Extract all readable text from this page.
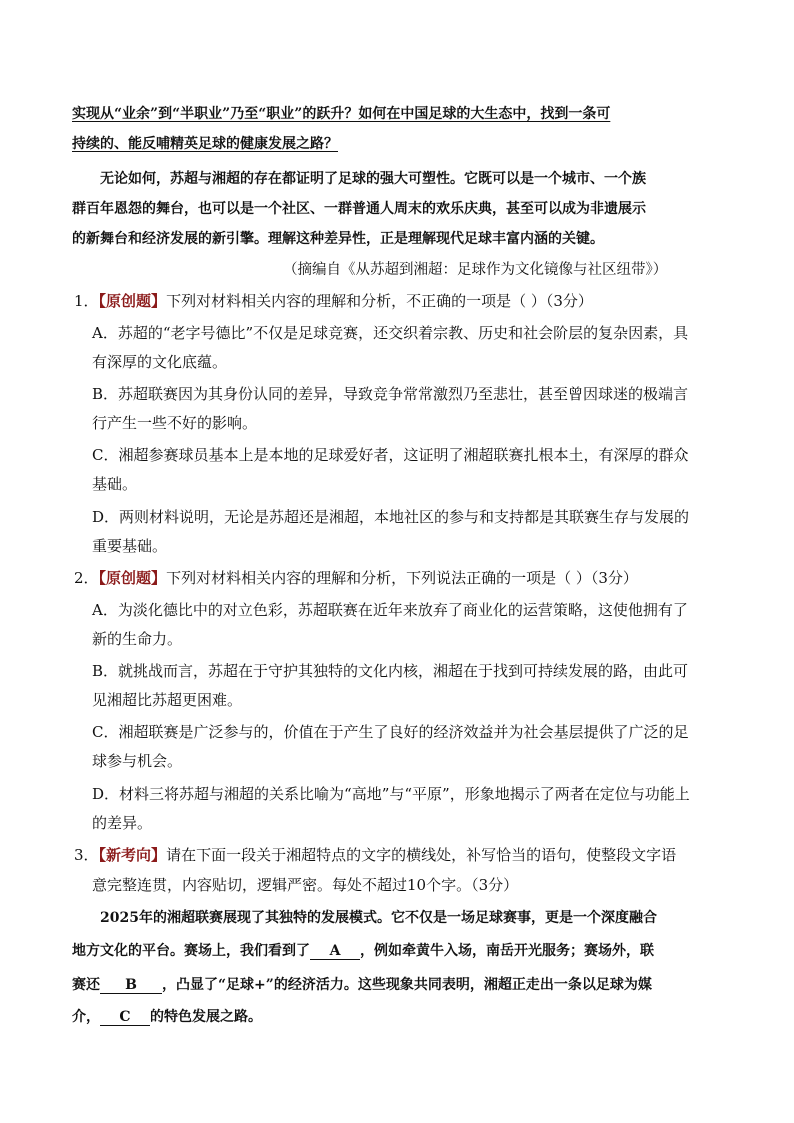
实现从“业余”到“半职业”乃至“职业”的跃升？如何在中国足球的大生态中，找到一条可
持续的、能反哺精英足球的健康发展之路？
无论如何，苏超与湘超的存在都证明了足球的强大可塑性。它既可以是一个城市、一个族
群百年恩怨的舞台，也可以是一个社区、一群普通人周末的欢乐庆典，甚至可以成为非遗展示
的新舞台和经济发展的新引擎。理解这种差异性，正是理解现代足球丰富内涵的关键。
（摘编自《从苏超到湘超：足球作为文化镜像与社区纽带》）
1．【原创题】下列对材料相关内容的理解和分析，不正确的一项是（ ）（3分）
A．苏超的“老字号德比”不仅是足球竞赛，还交织着宗教、历史和社会阶层的复杂因素，具
有深厚的文化底蕴。
B．苏超联赛因为其身份认同的差异，导致竞争常常激烈乃至悲壮，甚至曾因球迷的极端言
行产生一些不好的影响。
C．湘超参赛球员基本上是本地的足球爱好者，这证明了湘超联赛扎根本土，有深厚的群众
基础。
D．两则材料说明，无论是苏超还是湘超，本地社区的参与和支持都是其联赛生存与发展的
重要基础。
2．【原创题】下列对材料相关内容的理解和分析，下列说法正确的一项是（ ）（3分）
A．为淡化德比中的对立色彩，苏超联赛在近年来放弃了商业化的运营策略，这使他拥有了
新的生命力。
B．就挑战而言，苏超在于守护其独特的文化内核，湘超在于找到可持续发展的路，由此可
见湘超比苏超更困难。
C．湘超联赛是广泛参与的，价值在于产生了良好的经济效益并为社会基层提供了广泛的足
球参与机会。
D．材料三将苏超与湘超的关系比喻为“高地”与“平原”，形象地揭示了两者在定位与功能上
的差异。
3．【新考向】请在下面一段关于湘超特点的文字的横线处，补写恰当的语句，使整段文字语
意完整连贯，内容贴切，逻辑严密。每处不超过10个字。（3分）
2025年的湘超联赛展现了其独特的发展模式。它不仅是一场足球赛事，更是一个深度融合
地方文化的平台。赛场上，我们看到了 A ，例如牵黄牛入场，南岳开光服务；赛场外，联
赛还 B ，凸显了“足球+”的经济活力。这些现象共同表明，湘超正走出一条以足球为媒
介， C 的特色发展之路。
